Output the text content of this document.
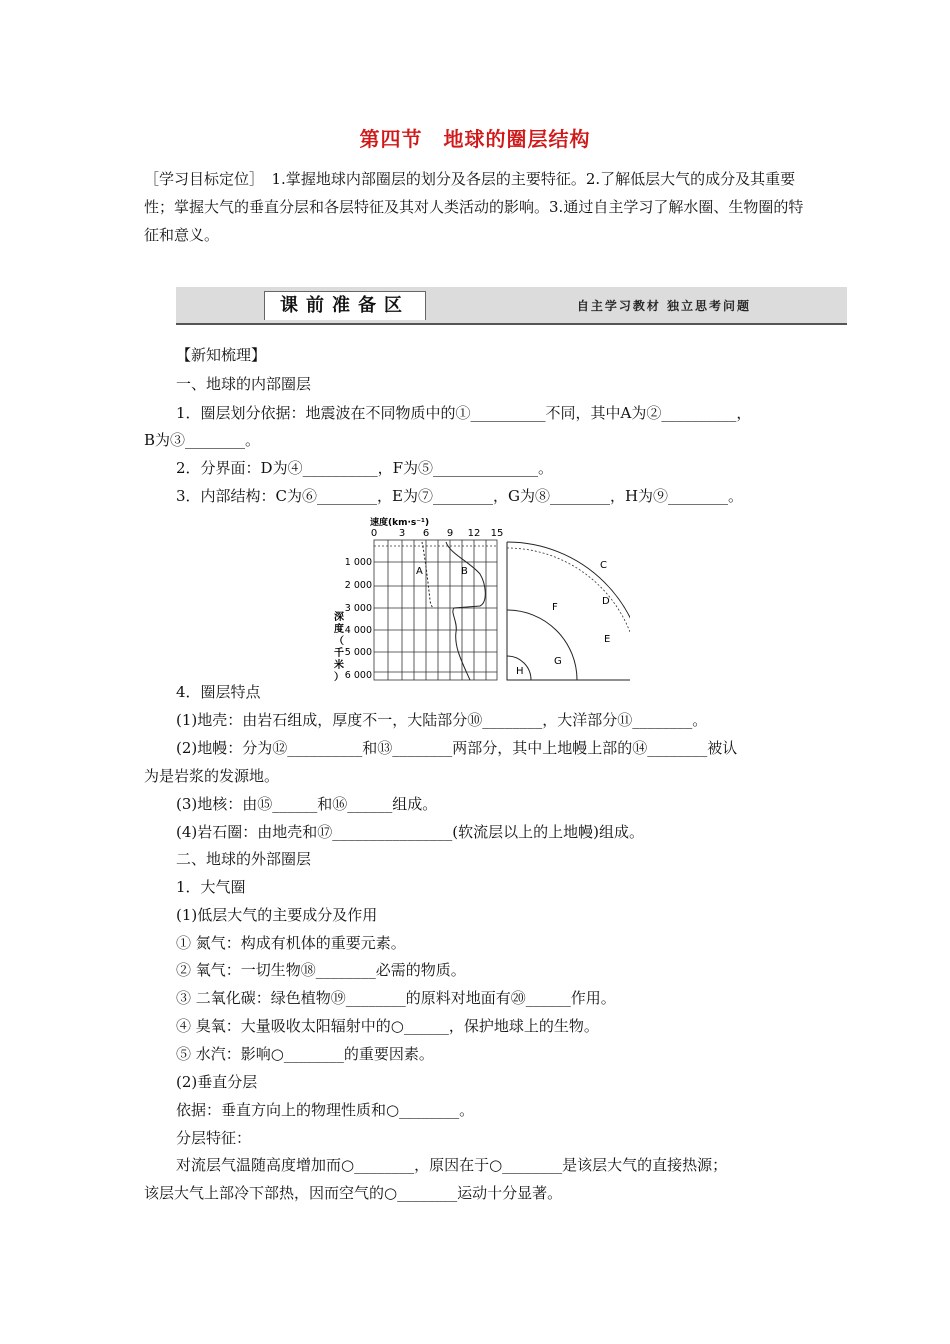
第四节　地球的圈层结构
［学习目标定位］　1.掌握地球内部圈层的划分及各层的主要特征。2.了解低层大气的成分及其重要性；掌握大气的垂直分层和各层特征及其对人类活动的影响。3.通过自主学习了解水圈、生物圈的特征和意义。
课前准备区	自主学习教材 独立思考问题
【新知梳理】
一、地球的内部圈层
1．圈层划分依据：地震波在不同物质中的①__________不同，其中A为②__________，
B为③________。
2．分界面：D为④__________，F为⑤______________。
3．内部结构：C为⑥________，E为⑦________，G为⑧________，H为⑨________。
速度(km·s⁻¹)
0 3 6 9 12 15
1 000
2 000
3 000
4 000
5 000
6 000
深
度
（
千
米
）
A	B
C
D
F
E
G
H
4．圈层特点
(1)地壳：由岩石组成，厚度不一，大陆部分⑩________，大洋部分⑪________。
(2)地幔：分为⑫__________和⑬________两部分，其中上地幔上部的⑭________被认
为是岩浆的发源地。
(3)地核：由⑮______和⑯______组成。
(4)岩石圈：由地壳和⑰________________(软流层以上的上地幔)组成。
二、地球的外部圈层
1．大气圈
(1)低层大气的主要成分及作用
① 氮气：构成有机体的重要元素。
② 氧气：一切生物⑱________必需的物质。
③ 二氧化碳：绿色植物⑲________的原料对地面有⑳______作用。
④ 臭氧：大量吸收太阳辐射中的○______，保护地球上的生物。
⑤ 水汽：影响○________的重要因素。
(2)垂直分层
依据：垂直方向上的物理性质和○________。
分层特征：
对流层气温随高度增加而○________，原因在于○________是该层大气的直接热源；
该层大气上部冷下部热，因而空气的○________运动十分显著。
